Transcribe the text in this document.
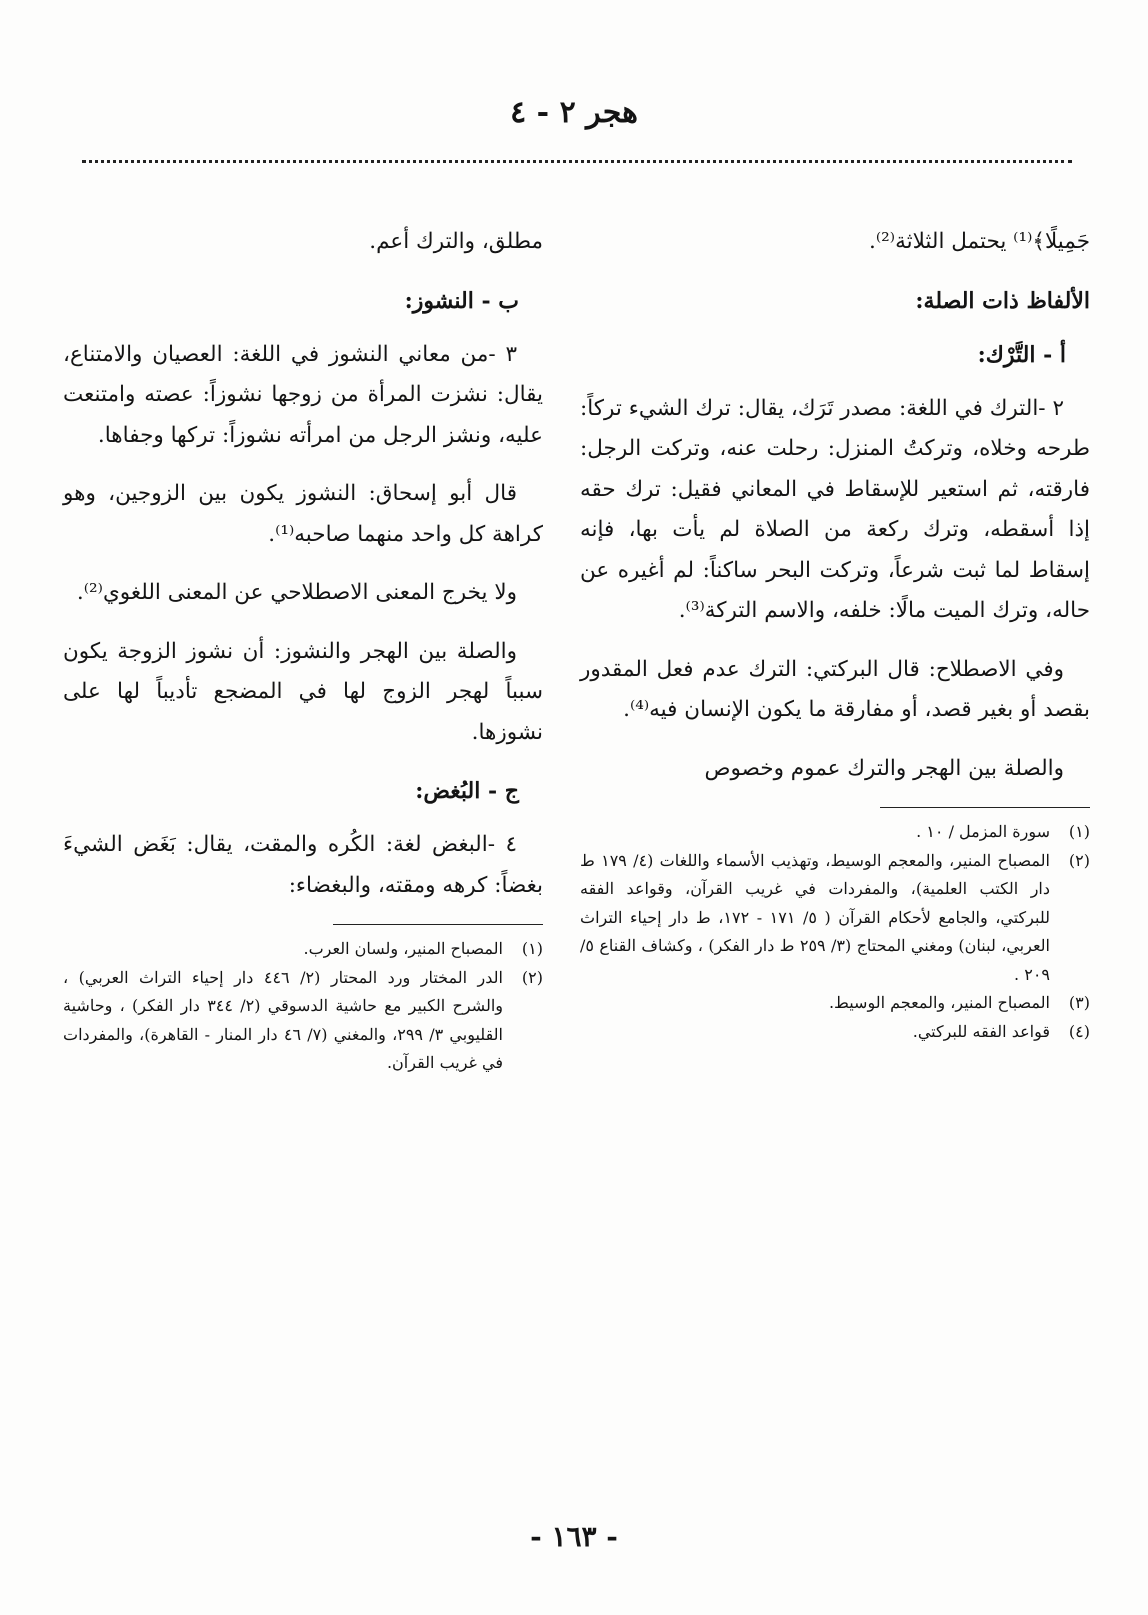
هجر ٢ - ٤

جَمِيلًا﴾⁽¹⁾ يحتمل الثلاثة⁽²⁾.

الألفاظ ذات الصلة:
أ - التَّرْك:

٢ -الترك في اللغة: مصدر تَرَك، يقال: ترك الشيء تركاً: طرحه وخلاه، وتركتُ المنزل: رحلت عنه، وتركت الرجل: فارقته، ثم استعير للإسقاط في المعاني فقيل: ترك حقه إذا أسقطه، وترك ركعة من الصلاة لم يأت بها، فإنه إسقاط لما ثبت شرعاً، وتركت البحر ساكناً: لم أغيره عن حاله، وترك الميت مالًا: خلفه، والاسم التركة⁽³⁾.

وفي الاصطلاح: قال البركتي: الترك عدم فعل المقدور بقصد أو بغير قصد، أو مفارقة ما يكون الإنسان فيه⁽⁴⁾.

والصلة بين الهجر والترك عموم وخصوص

(١)
سورة المزمل / ١٠ .
(٢)
المصباح المنير، والمعجم الوسيط، وتهذيب الأسماء واللغات (٤/ ١٧٩ ط دار الكتب العلمية)، والمفردات في غريب القرآن، وقواعد الفقه للبركتي، والجامع لأحكام القرآن ( ٥/ ١٧١ - ١٧٢، ط دار إحياء التراث العربي، لبنان) ومغني المحتاج (٣/ ٢٥٩ ط دار الفكر) ، وكشاف القناع ٥/ ٢٠٩ .
(٣)
المصباح المنير، والمعجم الوسيط.
(٤)
قواعد الفقه للبركتي.

مطلق، والترك أعم.

ب - النشوز:

٣ -من معاني النشوز في اللغة: العصيان والامتناع، يقال: نشزت المرأة من زوجها نشوزاً: عصته وامتنعت عليه، ونشز الرجل من امرأته نشوزاً: تركها وجفاها.

قال أبو إسحاق: النشوز يكون بين الزوجين، وهو كراهة كل واحد منهما صاحبه⁽¹⁾.

ولا يخرج المعنى الاصطلاحي عن المعنى اللغوي⁽²⁾.

والصلة بين الهجر والنشوز: أن نشوز الزوجة يكون سبباً لهجر الزوج لها في المضجع تأديباً لها على نشوزها.

ج - البُغض:

٤ -البغض لغة: الكُره والمقت، يقال: بَغَض الشيءَ بغضاً: كرهه ومقته، والبغضاء:

(١)
المصباح المنير، ولسان العرب.
(٢)
الدر المختار ورد المحتار (٢/ ٤٤٦ دار إحياء التراث العربي) ، والشرح الكبير مع حاشية الدسوقي (٢/ ٣٤٤ دار الفكر) ، وحاشية القليوبي ٣/ ٢٩٩، والمغني (٧/ ٤٦ دار المنار - القاهرة)، والمفردات في غريب القرآن.
- ١٦٣ -
